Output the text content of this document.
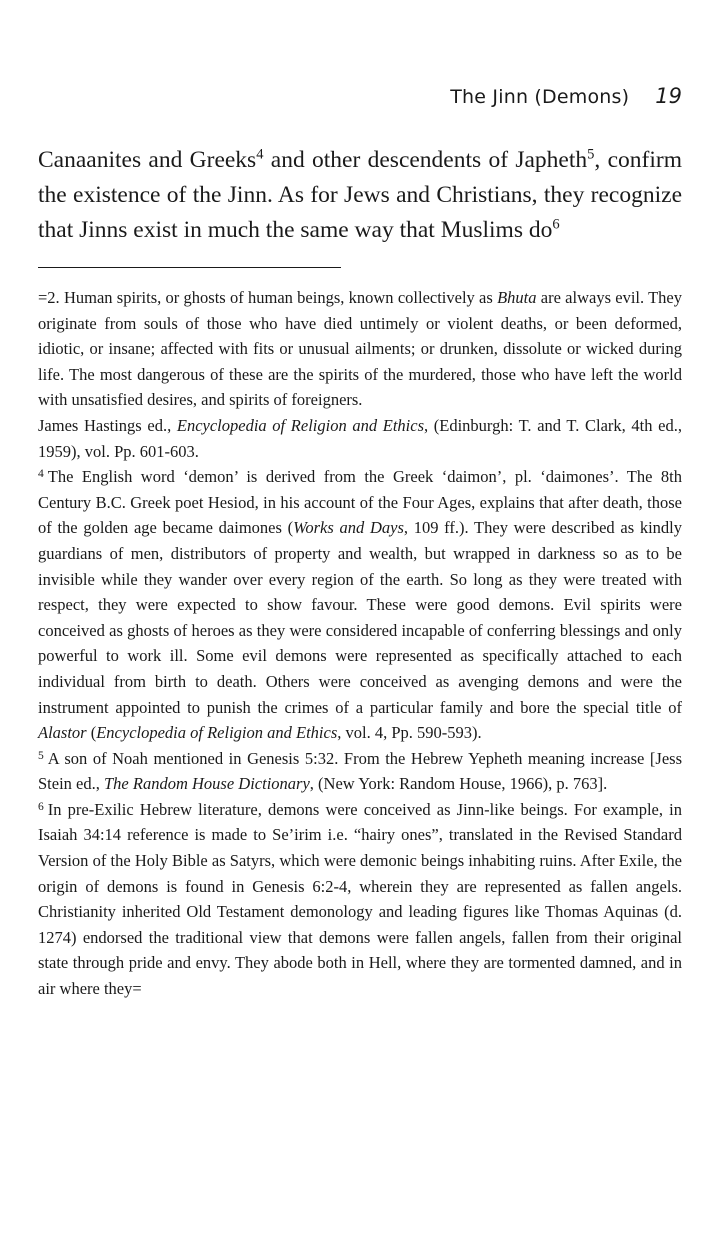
The Jinn (Demons) 19

Canaanites and Greeks$^4$ and other descendents of Japheth$^5$, confirm the existence of the Jinn. As for Jews and Christians, they recognize that Jinns exist in much the same way that Muslims $do^6$

=2. Human spirits, or ghosts of human beings, known collectively as Bhuta are always evil. They originate from souls of those who have died untimely or violent deaths, or been deformed, idiotic, or insane; affected with fits or unusual ailments; or drunken, dissolute or wicked during life. The most dangerous of these are the spirits of the murdered, those who have left the world with unsatisfied desires, and spirits of foreigners.

James Hastings ed., Encyclopedia of Religion and Ethics, (Edinburgh: T. and T. Clark, 4th ed., 1959), vol. Pp. 601-603.

$^4$ The English word ‘demon’ is derived from the Greek ‘daimon’, pl. ‘daimones’. The 8th Century B.C. Greek poet Hesiod, in his account of the Four Ages, explains that after death, those of the golden age became daimones (Works and Days, 109 ff.). They were described as kindly guardians of men, distributors of property and wealth, but wrapped in darkness so as to be invisible while they wander over every region of the earth. So long as they were treated with respect, they were expected to show favour. These were good demons. Evil spirits were conceived as ghosts of heroes as they were considered incapable of conferring blessings and only powerful to work ill. Some evil demons were represented as specifically attached to each individual from birth to death. Others were conceived as avenging demons and were the instrument appointed to punish the crimes of a particular family and bore the special title of Alastor (Encyclopedia of Religion and Ethics, vol. 4, Pp. 590-593).

$^5$ A son of Noah mentioned in Genesis 5:32. From the Hebrew Yepheth meaning increase [Jess Stein ed., The Random House Dictionary, (New York: Random House, 1966), p. 763].

$^6$ In pre-Exilic Hebrew literature, demons were conceived as Jinn-like beings. For example, in Isaiah 34:14 reference is made to Se’irim i.e. “hairy ones”, translated in the Revised Standard Version of the Holy Bible as Satyrs, which were demonic beings inhabiting ruins. After Exile, the origin of demons is found in Genesis 6:2-4, wherein they are represented as fallen angels. Christianity inherited Old Testament demonology and leading figures like Thomas Aquinas (d. 1274) endorsed the traditional view that demons were fallen angels, fallen from their original state through pride and envy. They abode both in Hell, where they are tormented damned, and in air where they=
